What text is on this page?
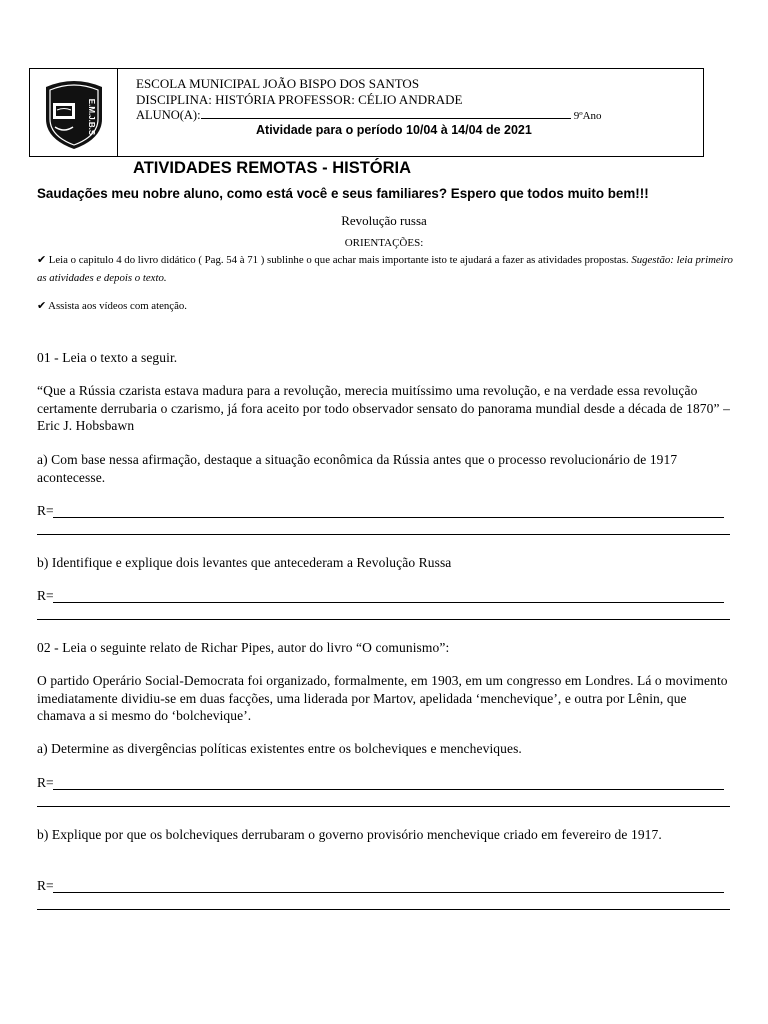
E.M.J.B.S
ESCOLA MUNICIPAL JOÃO BISPO DOS SANTOS
DISCIPLINA: HISTÓRIA PROFESSOR: CÉLIO ANDRADE
ALUNO(A):	9ºAno
Atividade para o período 10/04 à 14/04 de 2021
ATIVIDADES REMOTAS - HISTÓRIA
Saudações meu nobre aluno, como está você e seus familiares? Espero que todos muito bem!!!
Revolução russa
ORIENTAÇÕES:
✔ Leia o capitulo 4 do livro didático ( Pag. 54 à 71 ) sublinhe o que achar mais importante isto te ajudará a fazer as atividades propostas. Sugestão: leia primeiro as atividades e depois o texto.
✔ Assista aos vídeos com atenção.
01 - Leia o texto a seguir.
“Que a Rússia czarista estava madura para a revolução, merecia muitíssimo uma revolução, e na verdade essa revolução certamente derrubaria o czarismo, já fora aceito por todo observador sensato do panorama mundial desde a década de 1870” – Eric J. Hobsbawn
a) Com base nessa afirmação, destaque a situação econômica da Rússia antes que o processo revolucionário de 1917 acontecesse.
R=
b) Identifique e explique dois levantes que antecederam a Revolução Russa
R=
02 - Leia o seguinte relato de Richar Pipes, autor do livro “O comunismo”:
O partido Operário Social-Democrata foi organizado, formalmente, em 1903, em um congresso em Londres. Lá o movimento imediatamente dividiu-se em duas facções, uma liderada por Martov, apelidada ‘menchevique’, e outra por Lênin, que chamava a si mesmo do ‘bolchevique’.
a) Determine as divergências políticas existentes entre os bolcheviques e mencheviques.
R=
b) Explique por que os bolcheviques derrubaram o governo provisório menchevique criado em fevereiro de 1917.
R=
